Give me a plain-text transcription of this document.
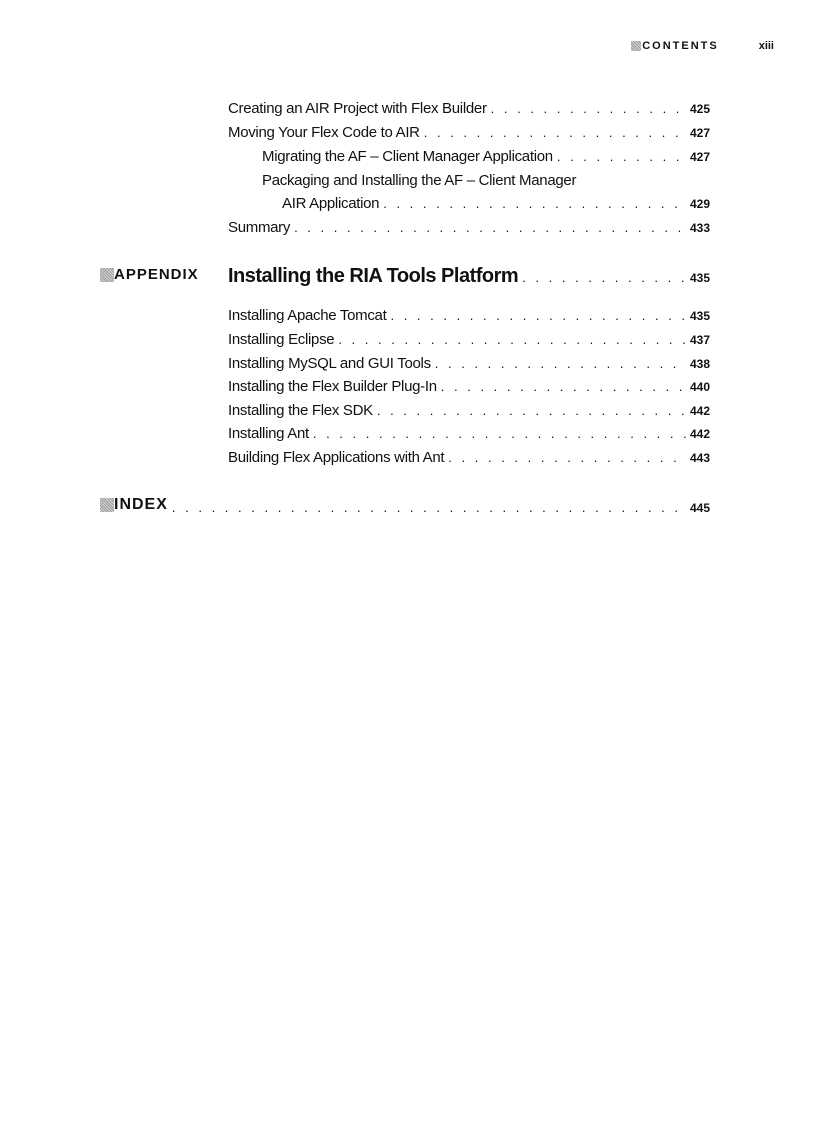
CONTENTS	xiii
Creating an AIR Project with Flex Builder . . .	425
Moving Your Flex Code to AIR . . .	427
Migrating the AF – Client Manager Application . . .	427
Packaging and Installing the AF – Client Manager
AIR Application . . .	429
Summary . . .	433
APPENDIX Installing the RIA Tools Platform . . .	435
Installing Apache Tomcat . . .	435
Installing Eclipse . . .	437
Installing MySQL and GUI Tools . . .	438
Installing the Flex Builder Plug-In . . .	440
Installing the Flex SDK . . .	442
Installing Ant . . .	442
Building Flex Applications with Ant . . .	443
INDEX . . .	445
